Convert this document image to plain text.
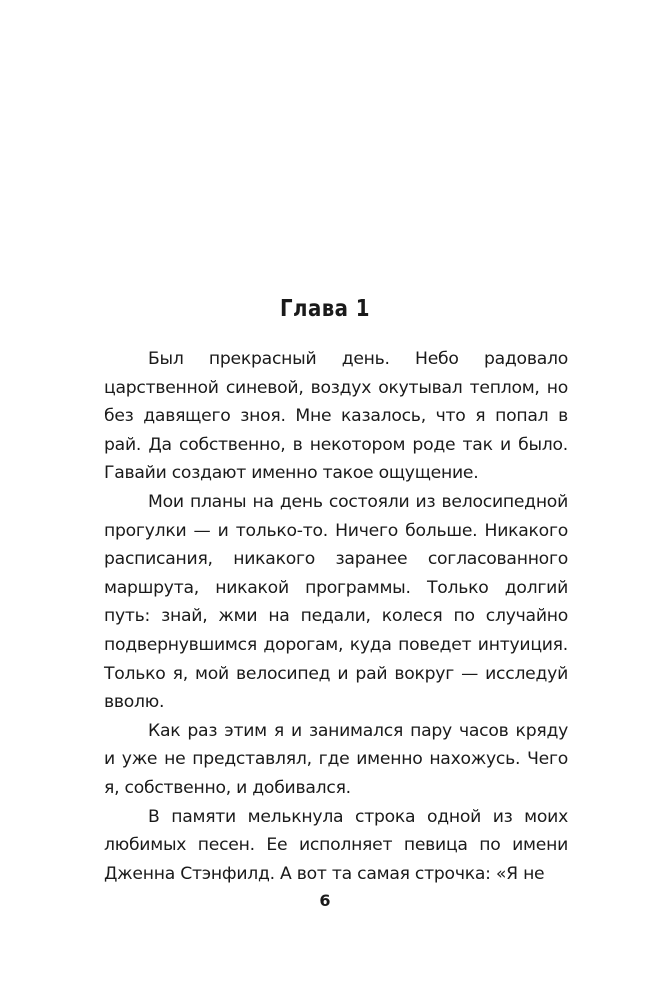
Глава 1

Был прекрасный день. Небо радовало царственной синевой, воздух окутывал теплом, но без давящего зноя. Мне казалось, что я попал в рай. Да собственно, в некотором роде так и было. Гавайи создают именно такое ощущение.

Мои планы на день состояли из велосипедной прогулки — и только-то. Ничего больше. Никакого расписания, никакого заранее согласованного маршрута, никакой программы. Только долгий путь: знай, жми на педали, колеся по случайно подвернувшимся дорогам, куда поведет интуиция. Только я, мой велосипед и рай вокруг — исследуй вволю.

Как раз этим я и занимался пару часов кряду и уже не представлял, где именно нахожусь. Чего я, собственно, и добивался.

В памяти мелькнула строка одной из моих любимых песен. Ее исполняет певица по имени Дженна Стэнфилд. А вот та самая строчка: «Я не

6
